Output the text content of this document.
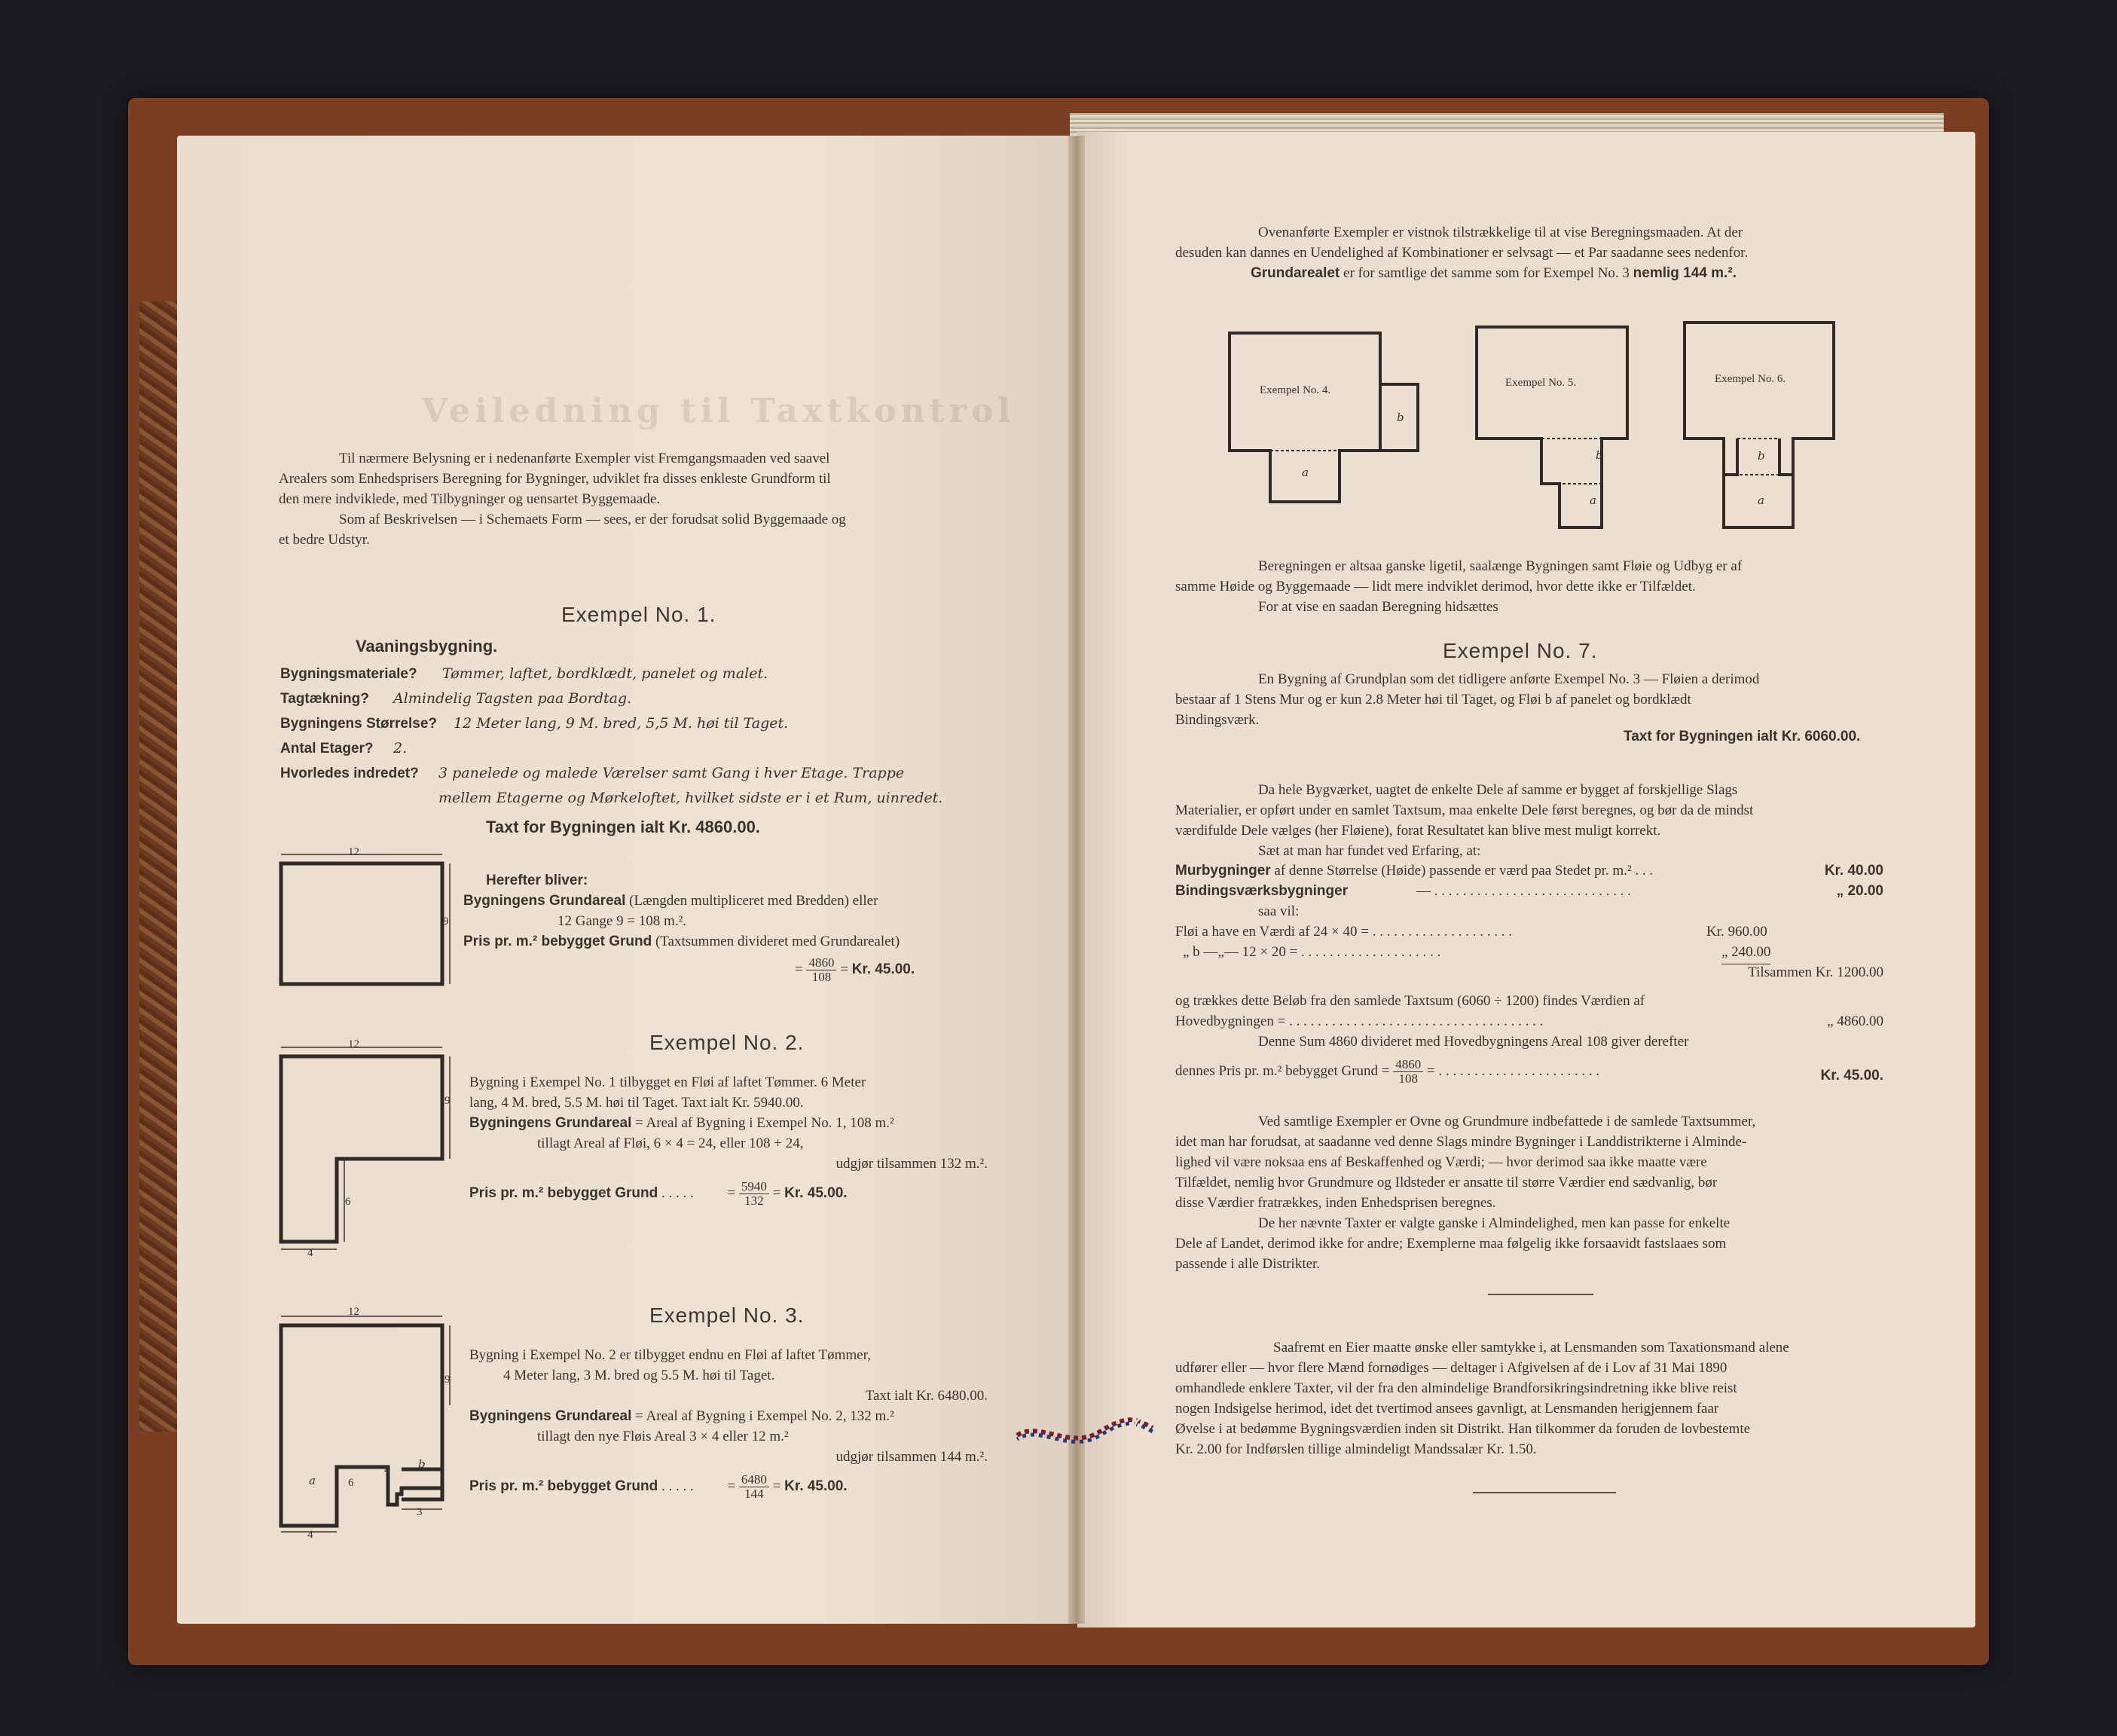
Veiledning til Taxtkontrol
Til nærmere Belysning er i nedenanførte Exempler vist Fremgangsmaaden ved saavel
Arealers som Enhedsprisers Beregning for Bygninger, udviklet fra disses enkleste Grundform til
den mere indviklede, med Tilbygninger og uensartet Byggemaade.
Som af Beskrivelsen — i Schemaets Form — sees, er der forudsat solid Byggemaade og
et bedre Udstyr.
Exempel No. 1.
Vaaningsbygning.
Bygningsmateriale? Tømmer, laftet, bordklædt, panelet og malet.
Tagtækning? Almindelig Tagsten paa Bordtag.
Bygningens Størrelse? 12 Meter lang, 9 M. bred, 5,5 M. høi til Taget.
Antal Etager? 2.
Hvorledes indredet? 3 panelede og malede Værelser samt Gang i hver Etage. Trappe
mellem Etagerne og Mørkeloftet, hvilket sidste er i et Rum, uinredet.
Taxt for Bygningen ialt Kr. 4860.00.
12
9
Herefter bliver:
Bygningens Grundareal (Længden multipliceret med Bredden) eller
12 Gange 9 = 108 m.².
Pris pr. m.² bebygget Grund (Taxtsummen divideret med Grundarealet)
= $\frac{4860}{108} = Kr$. 45.00.
Exempel No. 2.
12
9
6
4
Bygning i Exempel No. 1 tilbygget en Fløi af laftet Tømmer. 6 Meter
lang, 4 M. bred, 5.5 M. høi til Taget. Taxt ialt Kr. 5940.00.
Bygningens Grundareal = Areal af Bygning i Exempel No. 1, 108 m.²
tillagt Areal af Fløi, 6 × 4 = 24, eller 108 + 24,
udgjør tilsammen 132 m.².
Pris pr. m.² bebygget Grund . . . . . = $\frac{5940}{132} = Kr$. 45.00.
Exempel No. 3.
12
9
a	6
4	b
4
3
Bygning i Exempel No. 2 er tilbygget endnu en Fløi af laftet Tømmer,
4 Meter lang, 3 M. bred og 5.5 M. høi til Taget.
Taxt ialt Kr. 6480.00.
Bygningens Grundareal = Areal af Bygning i Exempel No. 2, 132 m.²
tillagt den nye Fløis Areal 3 × 4 eller 12 m.²
udgjør tilsammen 144 m.².
Pris pr. m.² bebygget Grund . . . . . = $\frac{6480}{144} = Kr$. 45.00.
Ovenanførte Exempler er vistnok tilstrækkelige til at vise Beregningsmaaden. At der
desuden kan dannes en Uendelighed af Kombinationer er selvsagt — et Par saadanne sees nedenfor.
Grundarealet er for samtlige det samme som for Exempel No. 3 nemlig 144 m.².
Exempel No. 4.
Exempel No. 5.	Exempel No. 6.
a
b
b
a
b
a
Beregningen er altsaa ganske ligetil, saalænge Bygningen samt Fløie og Udbyg er af
samme Høide og Byggemaade — lidt mere indviklet derimod, hvor dette ikke er Tilfældet.
For at vise en saadan Beregning hidsættes
Exempel No. 7.
En Bygning af Grundplan som det tidligere anførte Exempel No. 3 — Fløien a derimod
bestaar af 1 Stens Mur og er kun 2.8 Meter høi til Taget, og Fløi b af panelet og bordklædt
Bindingsværk.
Taxt for Bygningen ialt Kr. 6060.00.
Da hele Bygværket, uagtet de enkelte Dele af samme er bygget af forskjellige Slags
Materialier, er opført under en samlet Taxtsum, maa enkelte Dele først beregnes, og bør da de mindst
værdifulde Dele vælges (her Fløiene), forat Resultatet kan blive mest muligt korrekt.
Sæt at man har fundet ved Erfaring, at:
Murbygninger af denne Størrelse (Høide) passende er værd paa Stedet pr. m.² . . .	Kr. 40.00
Bindingsværksbygninger	— . . . . . . . . . . . . . . . . . . . . . . . . . . . .	„ 20.00
saa vil:
Fløi a have en Værdi af 24 × 40 = . . . . . . . . . . . . . . . . . . . .	Kr. 960.00
„ b —„— 12 × 20 = . . . . . . . . . . . . . . . . . . . .	„ 240.00
Tilsammen Kr. 1200.00
og trækkes dette Beløb fra den samlede Taxtsum (6060 ÷ 1200) findes Værdien af
Hovedbygningen = . . . . . . . . . . . . . . . . . . . . . . . . . . . . . . . . . . . .	„ 4860.00
Denne Sum 4860 divideret med Hovedbygningens Areal 108 giver derefter
dennes Pris pr. m.² bebygget Grund = $\frac{4860}{108}$ = . . . . . . . . . . . . . . . . . . . . . . .	Kr. 45.00.
Ved samtlige Exempler er Ovne og Grundmure indbefattede i de samlede Taxtsummer,
idet man har forudsat, at saadanne ved denne Slags mindre Bygninger i Landdistrikterne i Alminde-
lighed vil være noksaa ens af Beskaffenhed og Værdi; — hvor derimod saa ikke maatte være
Tilfældet, nemlig hvor Grundmure og Ildsteder er ansatte til større Værdier end sædvanlig, bør
disse Værdier fratrækkes, inden Enhedsprisen beregnes.
De her nævnte Taxter er valgte ganske i Almindelighed, men kan passe for enkelte
Dele af Landet, derimod ikke for andre; Exemplerne maa følgelig ikke forsaavidt fastslaaes som
passende i alle Distrikter.
Saafremt en Eier maatte ønske eller samtykke i, at Lensmanden som Taxationsmand alene
udfører eller — hvor flere Mænd fornødiges — deltager i Afgivelsen af de i Lov af 31 Mai 1890
omhandlede enklere Taxter, vil der fra den almindelige Brandforsikringsindretning ikke blive reist
nogen Indsigelse herimod, idet det tvertimod ansees gavnligt, at Lensmanden herigjennem faar
Øvelse i at bedømme Bygningsværdien inden sit Distrikt. Han tilkommer da foruden de lovbestemte
Kr. 2.00 for Indførslen tillige almindeligt Mandssalær Kr. 1.50.
